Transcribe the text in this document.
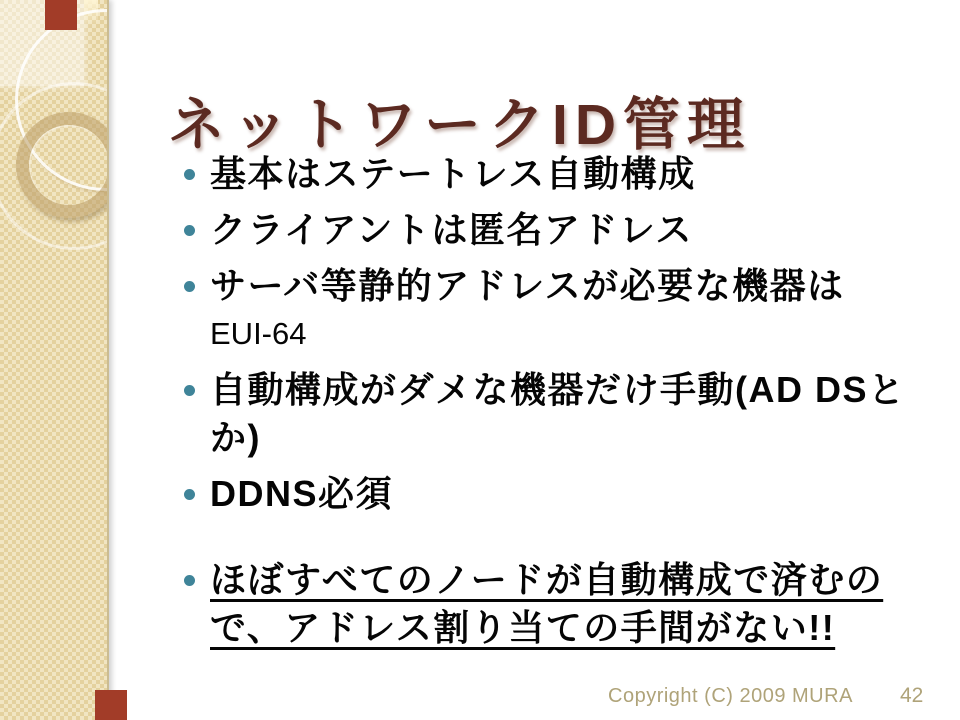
ネットワークID管理
基本はステートレス自動構成
クライアントは匿名アドレス
サーバ等静的アドレスが必要な機器は
EUI-64
自動構成がダメな機器だけ手動(AD DSと
か)
DDNS必須
ほぼすべてのノードが自動構成で済むの
で、アドレス割り当ての手間がない!!
Copyright (C) 2009 MURA 42
